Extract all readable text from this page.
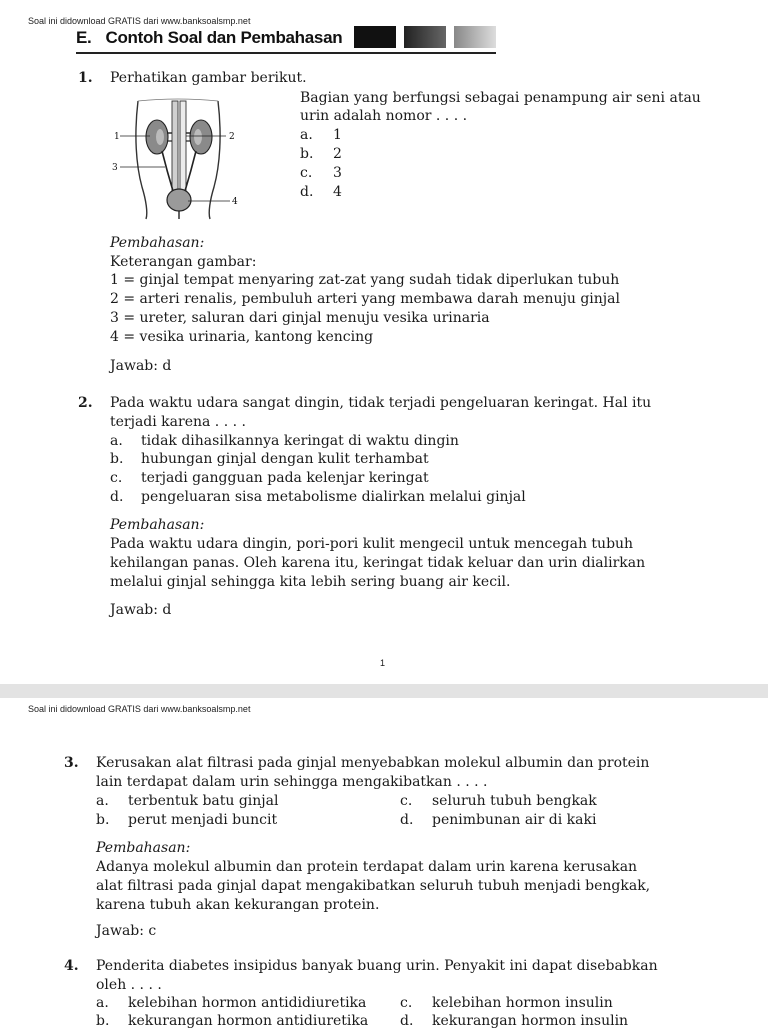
Soal ini didownload GRATIS dari www.banksoalsmp.net
E. Contoh Soal dan Pembahasan
1. Perhatikan gambar berikut.
Bagian yang berfungsi sebagai penampung air seni atau
urin adalah nomor . . . .
a. 1
b. 2
c. 3
d. 4
1	2
3
4
Pembahasan:
Keterangan gambar:
1 = ginjal tempat menyaring zat-zat yang sudah tidak diperlukan tubuh
2 = arteri renalis, pembuluh arteri yang membawa darah menuju ginjal
3 = ureter, saluran dari ginjal menuju vesika urinaria
4 = vesika urinaria, kantong kencing
Jawab: d
2. Pada waktu udara sangat dingin, tidak terjadi pengeluaran keringat. Hal itu
terjadi karena . . . .
a. tidak dihasilkannya keringat di waktu dingin
b. hubungan ginjal dengan kulit terhambat
c. terjadi gangguan pada kelenjar keringat
d. pengeluaran sisa metabolisme dialirkan melalui ginjal
Pembahasan:
Pada waktu udara dingin, pori-pori kulit mengecil untuk mencegah tubuh
kehilangan panas. Oleh karena itu, keringat tidak keluar dan urin dialirkan
melalui ginjal sehingga kita lebih sering buang air kecil.
Jawab: d
1
Soal ini didownload GRATIS dari www.banksoalsmp.net
3. Kerusakan alat filtrasi pada ginjal menyebabkan molekul albumin dan protein
lain terdapat dalam urin sehingga mengakibatkan . . . .
a. terbentuk batu ginjal	c. seluruh tubuh bengkak
b. perut menjadi buncit	d. penimbunan air di kaki
Pembahasan:
Adanya molekul albumin dan protein terdapat dalam urin karena kerusakan
alat filtrasi pada ginjal dapat mengakibatkan seluruh tubuh menjadi bengkak,
karena tubuh akan kekurangan protein.
Jawab: c
4. Penderita diabetes insipidus banyak buang urin. Penyakit ini dapat disebabkan
oleh . . . .
a. kelebihan hormon antididiuretika c. kelebihan hormon insulin
b. kekurangan hormon antidiuretika d. kekurangan hormon insulin
